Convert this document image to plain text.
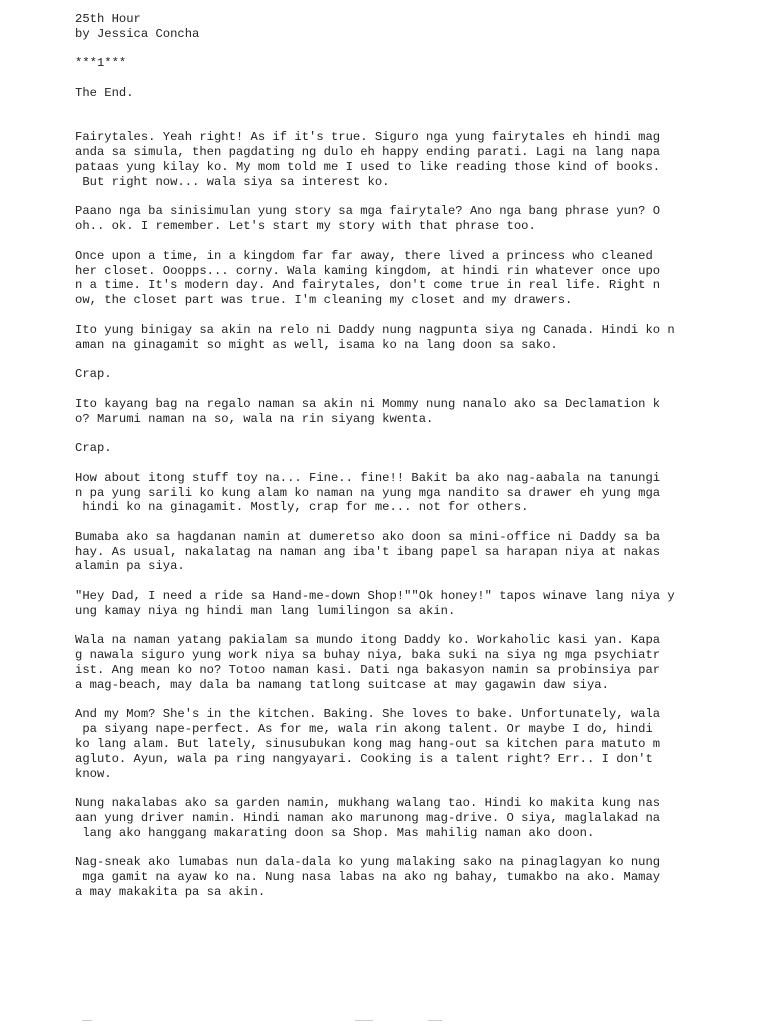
25th Hour
by Jessica Concha
***1***
The End.
Fairytales. Yeah right! As if it's true. Siguro nga yung fairytales eh hindi mag
anda sa simula, then pagdating ng dulo eh happy ending parati. Lagi na lang napa
pataas yung kilay ko. My mom told me I used to like reading those kind of books.
But right now... wala siya sa interest ko.
Paano nga ba sinisimulan yung story sa mga fairytale? Ano nga bang phrase yun? O
oh.. ok. I remember. Let's start my story with that phrase too.
Once upon a time, in a kingdom far far away, there lived a princess who cleaned
her closet. Ooopps... corny. Wala kaming kingdom, at hindi rin whatever once upo
n a time. It's modern day. And fairytales, don't come true in real life. Right n
ow, the closet part was true. I'm cleaning my closet and my drawers.
Ito yung binigay sa akin na relo ni Daddy nung nagpunta siya ng Canada. Hindi ko n
aman na ginagamit so might as well, isama ko na lang doon sa sako.
Crap.
Ito kayang bag na regalo naman sa akin ni Mommy nung nanalo ako sa Declamation k
o? Marumi naman na so, wala na rin siyang kwenta.
Crap.
How about itong stuff toy na... Fine.. fine!! Bakit ba ako nag-aabala na tanungi
n pa yung sarili ko kung alam ko naman na yung mga nandito sa drawer eh yung mga
hindi ko na ginagamit. Mostly, crap for me... not for others.
Bumaba ako sa hagdanan namin at dumeretso ako doon sa mini-office ni Daddy sa ba
hay. As usual, nakalatag na naman ang iba't ibang papel sa harapan niya at nakas
alamin pa siya.
"Hey Dad, I need a ride sa Hand-me-down Shop!""Ok honey!" tapos winave lang niya y
ung kamay niya ng hindi man lang lumilingon sa akin.
Wala na naman yatang pakialam sa mundo itong Daddy ko. Workaholic kasi yan. Kapa
g nawala siguro yung work niya sa buhay niya, baka suki na siya ng mga psychiatr
ist. Ang mean ko no? Totoo naman kasi. Dati nga bakasyon namin sa probinsiya par
a mag-beach, may dala ba namang tatlong suitcase at may gagawin daw siya.
And my Mom? She's in the kitchen. Baking. She loves to bake. Unfortunately, wala
pa siyang nape-perfect. As for me, wala rin akong talent. Or maybe I do, hindi
ko lang alam. But lately, sinusubukan kong mag hang-out sa kitchen para matuto m
agluto. Ayun, wala pa ring nangyayari. Cooking is a talent right? Err.. I don't
know.
Nung nakalabas ako sa garden namin, mukhang walang tao. Hindi ko makita kung nas
aan yung driver namin. Hindi naman ako marunong mag-drive. O siya, maglalakad na
lang ako hanggang makarating doon sa Shop. Mas mahilig naman ako doon.
Nag-sneak ako lumabas nun dala-dala ko yung malaking sako na pinaglagyan ko nung
mga gamit na ayaw ko na. Nung nasa labas na ako ng bahay, tumakbo na ako. Mamay
a may makakita pa sa akin.
